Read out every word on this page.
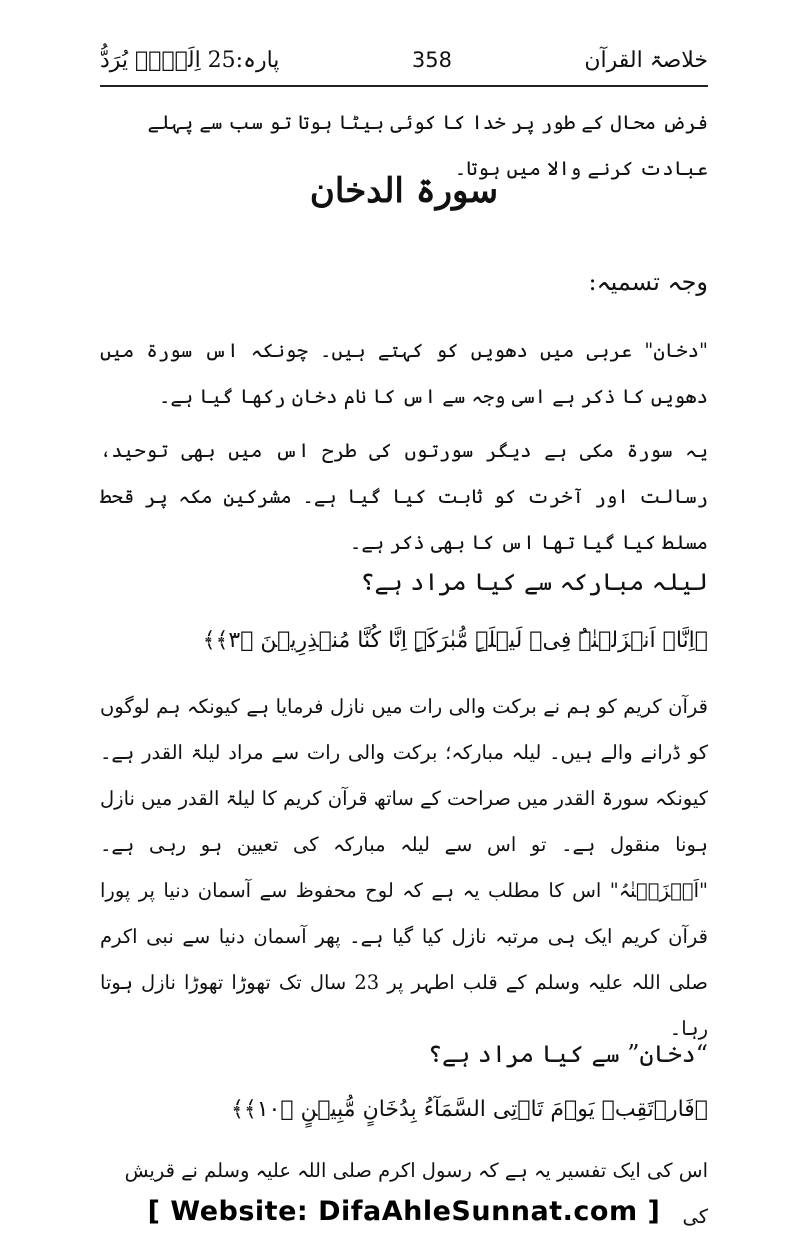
پارہ:25 اِلَیۡہِ یُرَدُّ	358	خلاصۃ القرآن
فرضِ محال کے طور پر خدا کا کوئی بیٹا ہوتا تو سب سے پہلے عبادت کرنے والا میں ہوتا۔
سورۃ الدخان
وجہ تسمیہ:
"دخان" عربی میں دھویں کو کہتے ہیں۔ چونکہ اس سورۃ میں دھویں کا ذکر ہے اسی وجہ سے اس کا نام دخان رکھا گیا ہے۔
یہ سورۃ مکی ہے دیگر سورتوں کی طرح اس میں بھی توحید، رسالت اور آخرت کو ثابت کیا گیا ہے۔ مشرکین مکہ پر قحط مسلط کیا گیا تھا اس کا بھی ذکر ہے۔
لیلہ مبارکہ سے کیا مراد ہے؟
﴿اِنَّاۤ اَنۡزَلۡنٰہُ فِیۡ لَیۡلَۃٍ مُّبٰرَکَۃٍ اِنَّا کُنَّا مُنۡذِرِیۡنَ ﴿۳﴾﴾
قرآن کریم کو ہم نے برکت والی رات میں نازل فرمایا ہے کیونکہ ہم لوگوں کو ڈرانے والے ہیں۔ لیلہ مبارکہ؛ برکت والی رات سے مراد لیلۃ القدر ہے۔ کیونکہ سورۃ القدر میں صراحت کے ساتھ قرآن کریم کا لیلۃ القدر میں نازل ہونا منقول ہے۔ تو اس سے لیلہ مبارکہ کی تعیین ہو رہی ہے۔ "اَنۡزَلۡنٰہُ" اس کا مطلب یہ ہے کہ لوح محفوظ سے آسمان دنیا پر پورا قرآن کریم ایک ہی مرتبہ نازل کیا گیا ہے۔ پھر آسمان دنیا سے نبی اکرم صلی اللہ علیہ وسلم کے قلب اطہر پر 23 سال تک تھوڑا تھوڑا نازل ہوتا رہا۔
“دخان” سے کیا مراد ہے؟
﴿فَارۡتَقِبۡ یَوۡمَ تَاۡتِی السَّمَآءُ بِدُخَانٍ مُّبِیۡنٍ ﴿۱۰﴾﴾
اس کی ایک تفسیر یہ ہے کہ رسول اکرم صلی اللہ علیہ وسلم نے قریش کی
[ Website: DifaAhleSunnat.com ]
